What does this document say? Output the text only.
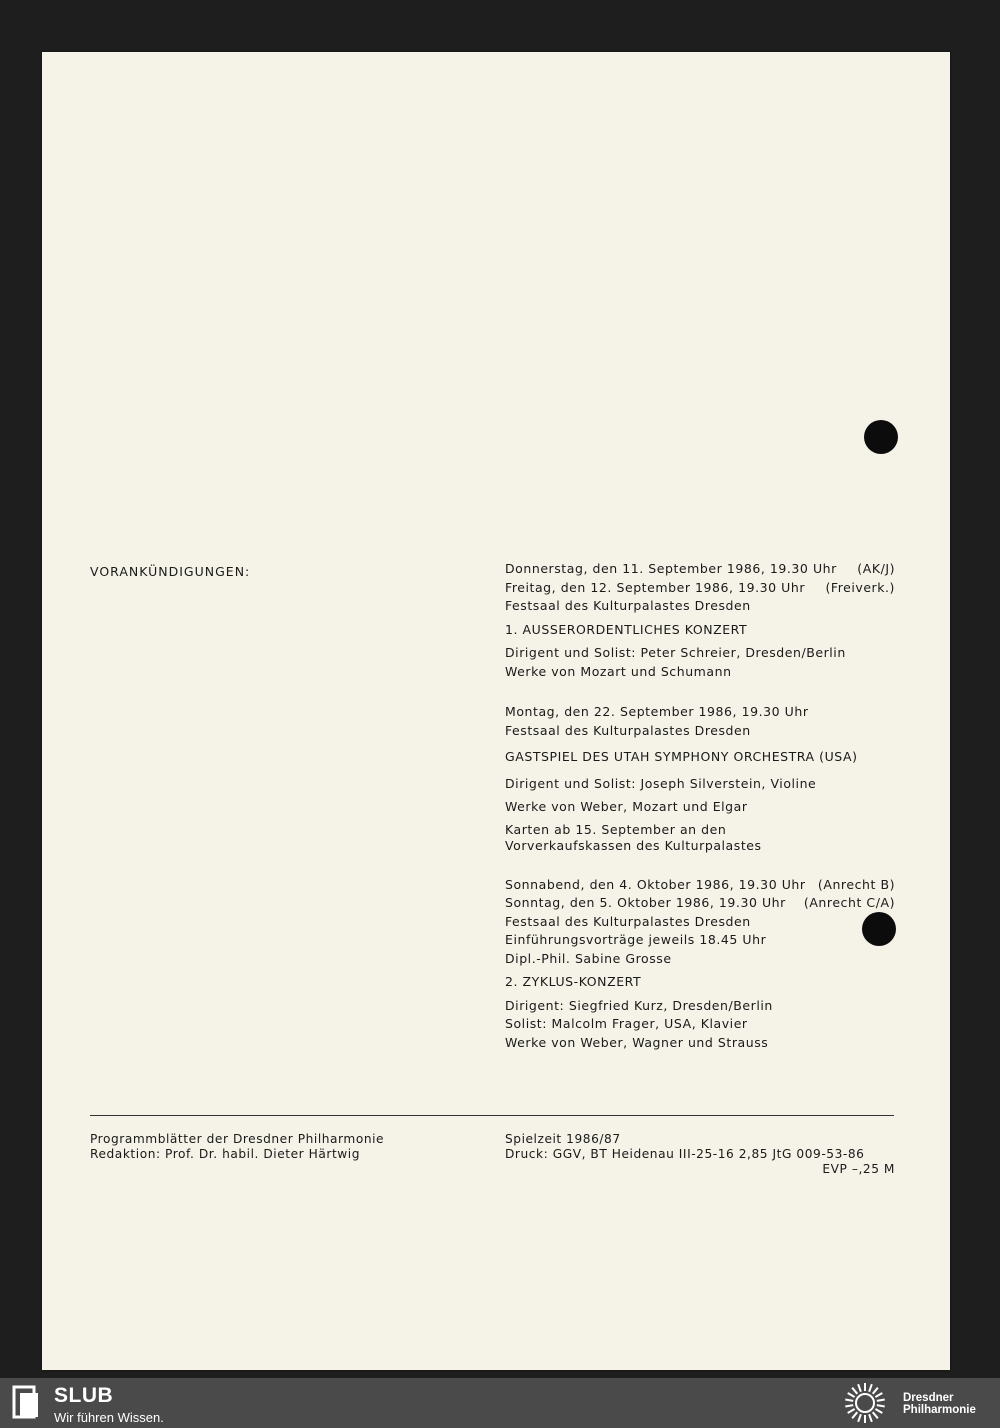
VORANKÜNDIGUNGEN:	Donnerstag, den 11. September 1986, 19.30 Uhr (AK/J)
Freitag, den 12. September 1986, 19.30 Uhr (Freiverk.)
Festsaal des Kulturpalastes Dresden
1. AUSSERORDENTLICHES KONZERT
Dirigent und Solist: Peter Schreier, Dresden/Berlin
Werke von Mozart und Schumann
Montag, den 22. September 1986, 19.30 Uhr
Festsaal des Kulturpalastes Dresden
GASTSPIEL DES UTAH SYMPHONY ORCHESTRA (USA)
Dirigent und Solist: Joseph Silverstein, Violine
Werke von Weber, Mozart und Elgar
Karten ab 15. September an den
Vorverkaufskassen des Kulturpalastes
Sonnabend, den 4. Oktober 1986, 19.30 Uhr (Anrecht B)
Sonntag, den 5. Oktober 1986, 19.30 Uhr (Anrecht C/A)
Festsaal des Kulturpalastes Dresden
Einführungsvorträge jeweils 18.45 Uhr
Dipl.-Phil. Sabine Grosse
2. ZYKLUS-KONZERT
Dirigent: Siegfried Kurz, Dresden/Berlin
Solist: Malcolm Frager, USA, Klavier
Werke von Weber, Wagner und Strauss
Programmblätter der Dresdner Philharmonie
Redaktion: Prof. Dr. habil. Dieter Härtwig
Spielzeit 1986/87
Druck: GGV, BT Heidenau III-25-16 2,85 JtG 009-53-86
EVP –,25 M
SLUB
Wir führen Wissen.
Dresdner
Philharmonie
